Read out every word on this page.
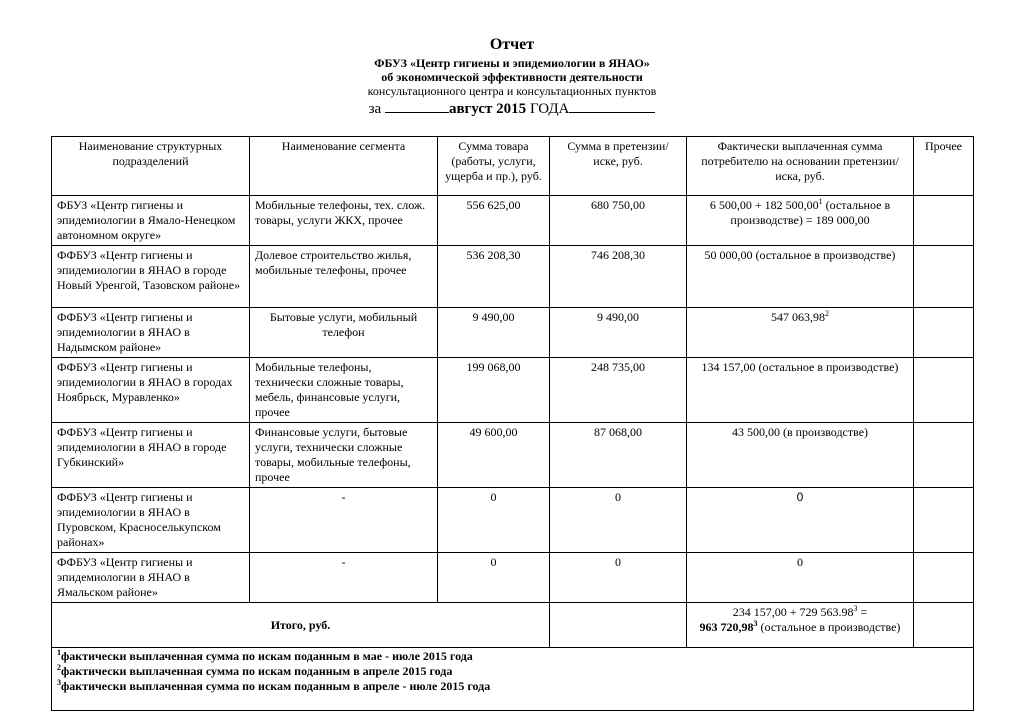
Отчет
ФБУЗ «Центр гигиены и эпидемиологии в ЯНАО»
об экономической эффективности деятельности
консультационного центра и консультационных пунктов
за	август 2015 ГОДА
Наименование структурных подразделений	Наименование сегмента	Сумма товара (работы, услуги, ущерба и пр.), руб.	Сумма в претензии/иске, руб.	Фактически выплаченная сумма потребителю на основании претензии/иска, руб.	Прочее
ФБУЗ «Центр гигиены и эпидемиологии в Ямало-Ненецком автономном округе»	Мобильные телефоны, тех. слож. товары, услуги ЖКХ, прочее	556 625,00	680 750,00	6 500,00 + 182 500,00$^1$ (остальное в производстве) = 189 000,00	
ФФБУЗ «Центр гигиены и эпидемиологии в ЯНАО в городе Новый Уренгой, Тазовском районе»	Долевое строительство жилья, мобильные телефоны, прочее	536 208,30	746 208,30	50 000,00 (остальное в производстве)	
ФФБУЗ «Центр гигиены и эпидемиологии в ЯНАО в Надымском районе»	Бытовые услуги, мобильный телефон	9 490,00	9 490,00	547 063,98$^2$	
ФФБУЗ «Центр гигиены и эпидемиологии в ЯНАО в городах Ноябрьск, Муравленко»	Мобильные телефоны, технически сложные товары, мебель, финансовые услуги, прочее	199 068,00	248 735,00	134 157,00 (остальное в производстве)	
ФФБУЗ «Центр гигиены и эпидемиологии в ЯНАО в городе Губкинский»	Финансовые услуги, бытовые услуги, технически сложные товары, мобильные телефоны, прочее	49 600,00	87 068,00	43 500,00 (в производстве)	
ФФБУЗ «Центр гигиены и эпидемиологии в ЯНАО в Пуровском, Красноселькупском районах»	-	0	0	0	
ФФБУЗ «Центр гигиены и эпидемиологии в ЯНАО в Ямальском районе»	-	0	0	0	
Итого, руб.				234 157,00 + 729 $563.98^3$ =
963 720,98$^3$ (остальное в производстве)	

$^1$фактически выплаченная сумма по искам поданным в мае - июле 2015 года
$^2$фактически выплаченная сумма по искам поданным в апреле 2015 года
$^3$фактически выплаченная сумма по искам поданным в апреле - июле 2015 года					
